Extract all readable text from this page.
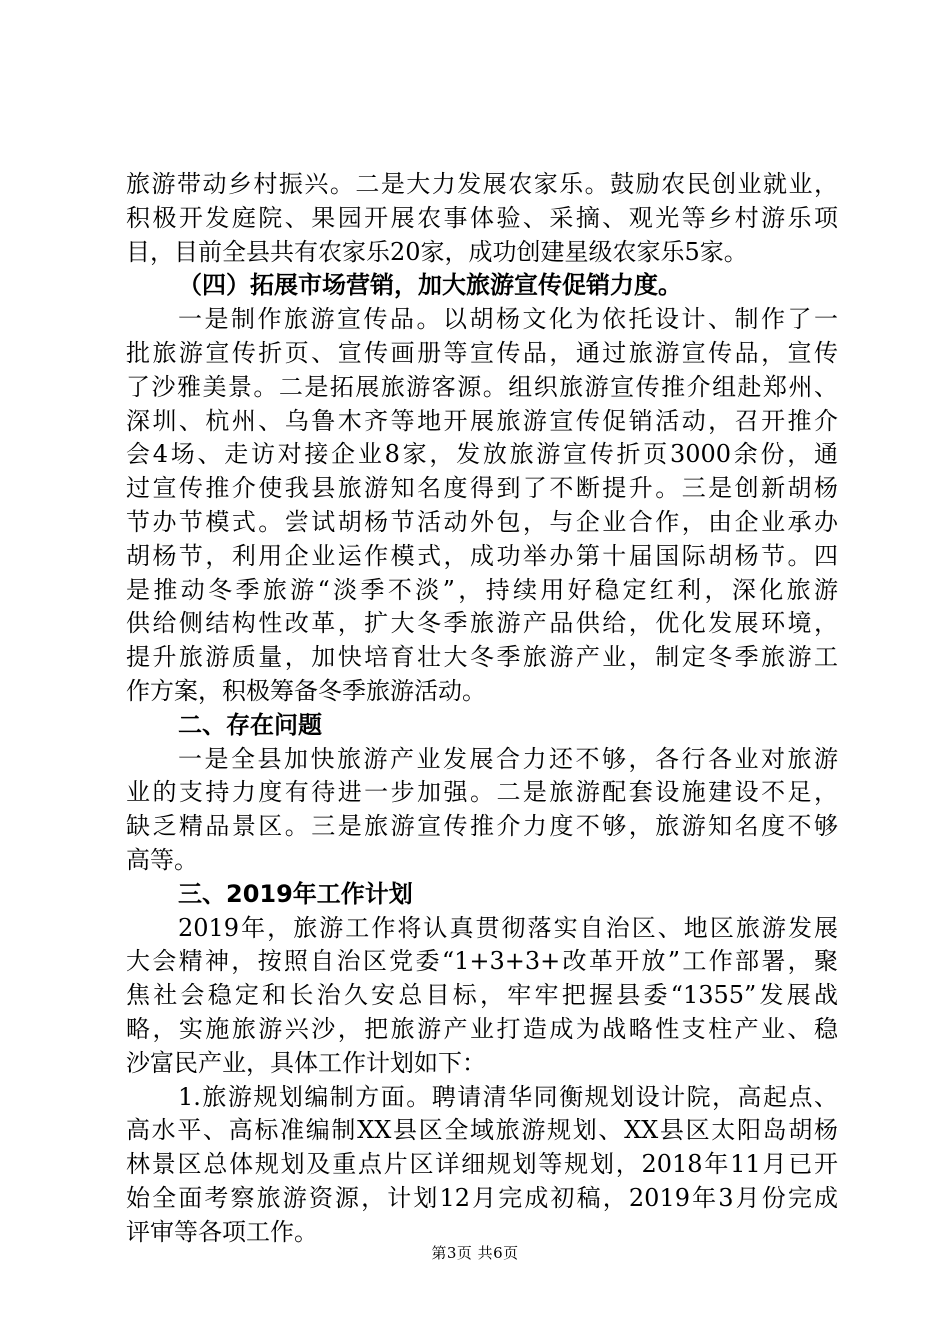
旅游带动乡村振兴。二是大力发展农家乐。鼓励农民创业就业，
积极开发庭院、果园开展农事体验、采摘、观光等乡村游乐项
目，目前全县共有农家乐20家，成功创建星级农家乐5家。
（四）拓展市场营销，加大旅游宣传促销力度。
一是制作旅游宣传品。以胡杨文化为依托设计、制作了一
批旅游宣传折页、宣传画册等宣传品，通过旅游宣传品，宣传
了沙雅美景。二是拓展旅游客源。组织旅游宣传推介组赴郑州、
深圳、杭州、乌鲁木齐等地开展旅游宣传促销活动，召开推介
会4场、走访对接企业8家，发放旅游宣传折页3000余份，通
过宣传推介使我县旅游知名度得到了不断提升。三是创新胡杨
节办节模式。尝试胡杨节活动外包，与企业合作，由企业承办
胡杨节，利用企业运作模式，成功举办第十届国际胡杨节。四
是推动冬季旅游“淡季不淡”，持续用好稳定红利，深化旅游
供给侧结构性改革，扩大冬季旅游产品供给，优化发展环境，
提升旅游质量，加快培育壮大冬季旅游产业，制定冬季旅游工
作方案，积极筹备冬季旅游活动。
二、存在问题
一是全县加快旅游产业发展合力还不够，各行各业对旅游
业的支持力度有待进一步加强。二是旅游配套设施建设不足，
缺乏精品景区。三是旅游宣传推介力度不够，旅游知名度不够
高等。
三、2019年工作计划
2019年，旅游工作将认真贯彻落实自治区、地区旅游发展
大会精神，按照自治区党委“1+3+3+改革开放”工作部署，聚
焦社会稳定和长治久安总目标，牢牢把握县委“1355”发展战
略，实施旅游兴沙，把旅游产业打造成为战略性支柱产业、稳
沙富民产业，具体工作计划如下：
1.旅游规划编制方面。聘请清华同衡规划设计院，高起点、
高水平、高标准编制XX县区全域旅游规划、XX县区太阳岛胡杨
林景区总体规划及重点片区详细规划等规划，2018年11月已开
始全面考察旅游资源，计划12月完成初稿，2019年3月份完成
评审等各项工作。
第3页 共6页
